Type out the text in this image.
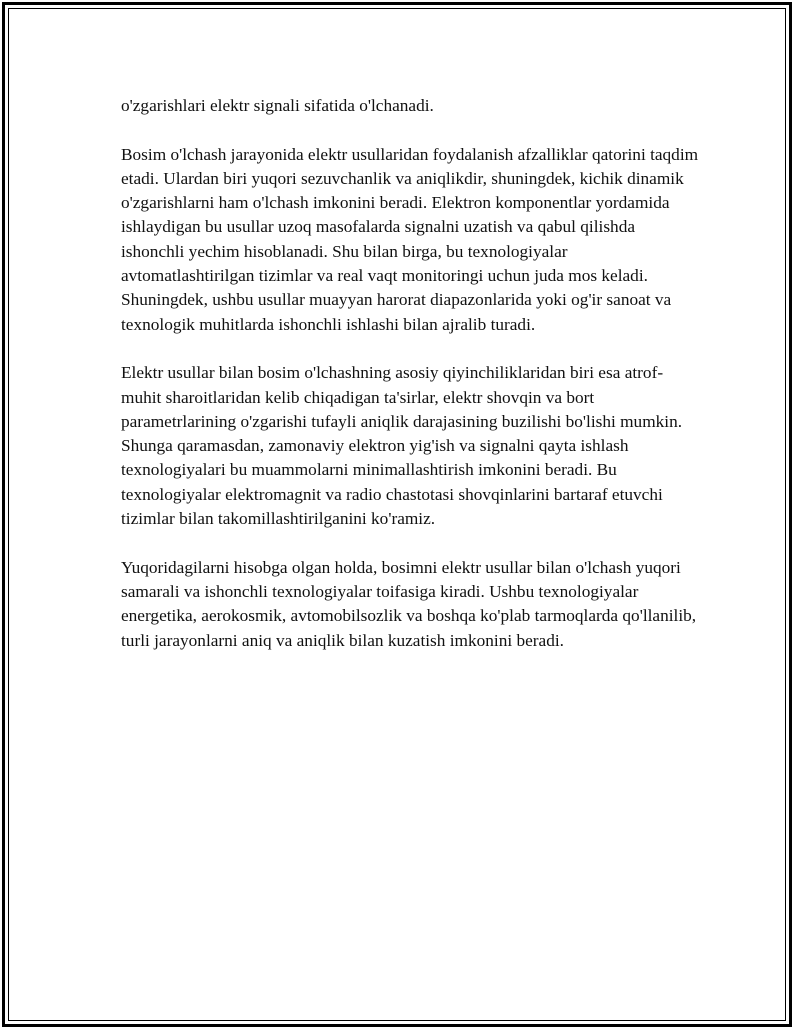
o'zgarishlari elektr signali sifatida o'lchanadi.

Bosim o'lchash jarayonida elektr usullaridan foydalanish afzalliklar qatorini taqdim etadi. Ulardan biri yuqori sezuvchanlik va aniqlikdir, shuningdek, kichik dinamik o'zgarishlarni ham o'lchash imkonini beradi. Elektron komponentlar yordamida ishlaydigan bu usullar uzoq masofalarda signalni uzatish va qabul qilishda ishonchli yechim hisoblanadi. Shu bilan birga, bu texnologiyalar avtomatlashtirilgan tizimlar va real vaqt monitoringi uchun juda mos keladi. Shuningdek, ushbu usullar muayyan harorat diapazonlarida yoki og'ir sanoat va texnologik muhitlarda ishonchli ishlashi bilan ajralib turadi.

Elektr usullar bilan bosim o'lchashning asosiy qiyinchiliklaridan biri esa atrof-muhit sharoitlaridan kelib chiqadigan ta'sirlar, elektr shovqin va bort parametrlarining o'zgarishi tufayli aniqlik darajasining buzilishi bo'lishi mumkin. Shunga qaramasdan, zamonaviy elektron yig'ish va signalni qayta ishlash texnologiyalari bu muammolarni minimallashtirish imkonini beradi. Bu texnologiyalar elektromagnit va radio chastotasi shovqinlarini bartaraf etuvchi tizimlar bilan takomillashtirilganini ko'ramiz.

Yuqoridagilarni hisobga olgan holda, bosimni elektr usullar bilan o'lchash yuqori samarali va ishonchli texnologiyalar toifasiga kiradi. Ushbu texnologiyalar energetika, aerokosmik, avtomobilsozlik va boshqa ko'plab tarmoqlarda qo'llanilib, turli jarayonlarni aniq va aniqlik bilan kuzatish imkonini beradi.
